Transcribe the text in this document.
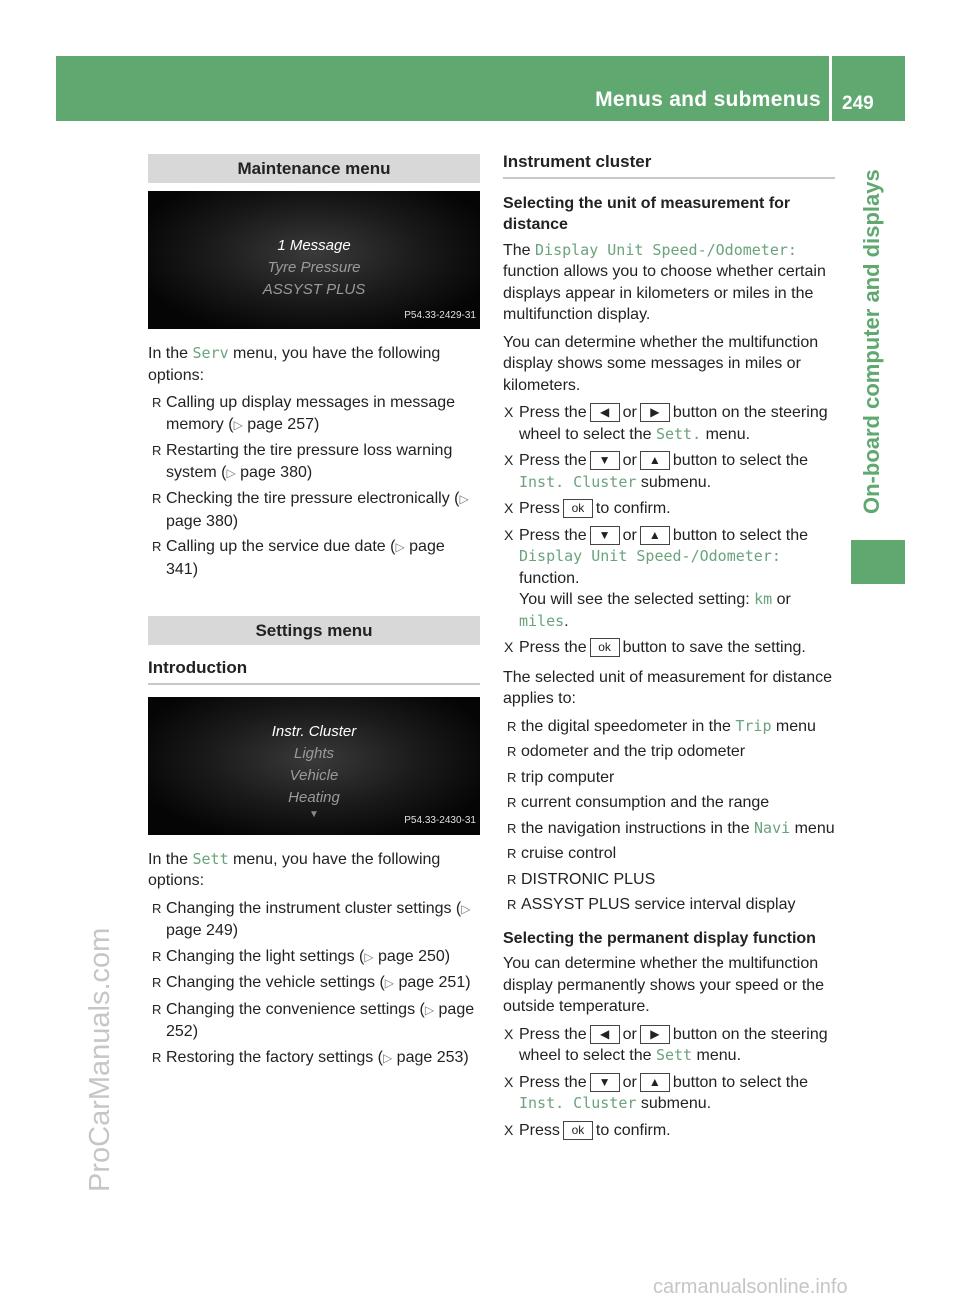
Menus and submenus 249
On-board computer and displays
ProCarManuals.com
carmanualsonline.info
Maintenance menu
1 Message
Tyre Pressure
ASSYST PLUS
P54.33-2429-31

In the Serv menu, you have the following options:

R Calling up display messages in message memory (▷ page 257)
R Restarting the tire pressure loss warning system (▷ page 380)
R Checking the tire pressure electronically (▷ page 380)
R Calling up the service due date (▷ page 341)
Settings menu
Introduction
Instr. Cluster
Lights
Vehicle
Heating
▼
P54.33-2430-31

In the Sett menu, you have the following options:

R Changing the instrument cluster settings (▷ page 249)
R Changing the light settings (▷ page 250)
R Changing the vehicle settings (▷ page 251)
R Changing the convenience settings (▷ page 252)
R Restoring the factory settings (▷ page 253)
Instrument cluster
Selecting the unit of measurement for distance

The Display Unit Speed-/Odometer: function allows you to choose whether certain displays appear in kilometers or miles in the multifunction display.

You can determine whether the multifunction display shows some messages in miles or kilometers.

X Press the ◀ or ▶ button on the steering wheel to select the Sett. menu.
X Press the ▼ or ▲ button to select the Inst. Cluster submenu.
X Press ok to confirm.
X Press the ▼ or ▲ button to select the Display Unit Speed-/Odometer: function.
You will see the selected setting: km or miles.
X Press the ok button to save the setting.

The selected unit of measurement for distance applies to:

R the digital speedometer in the Trip menu
R odometer and the trip odometer
R trip computer
R current consumption and the range
R the navigation instructions in the Navi menu
R cruise control
R DISTRONIC PLUS
R ASSYST PLUS service interval display
Selecting the permanent display function

You can determine whether the multifunction display permanently shows your speed or the outside temperature.

X Press the ◀ or ▶ button on the steering wheel to select the Sett menu.
X Press the ▼ or ▲ button to select the Inst. Cluster submenu.
X Press ok to confirm.
